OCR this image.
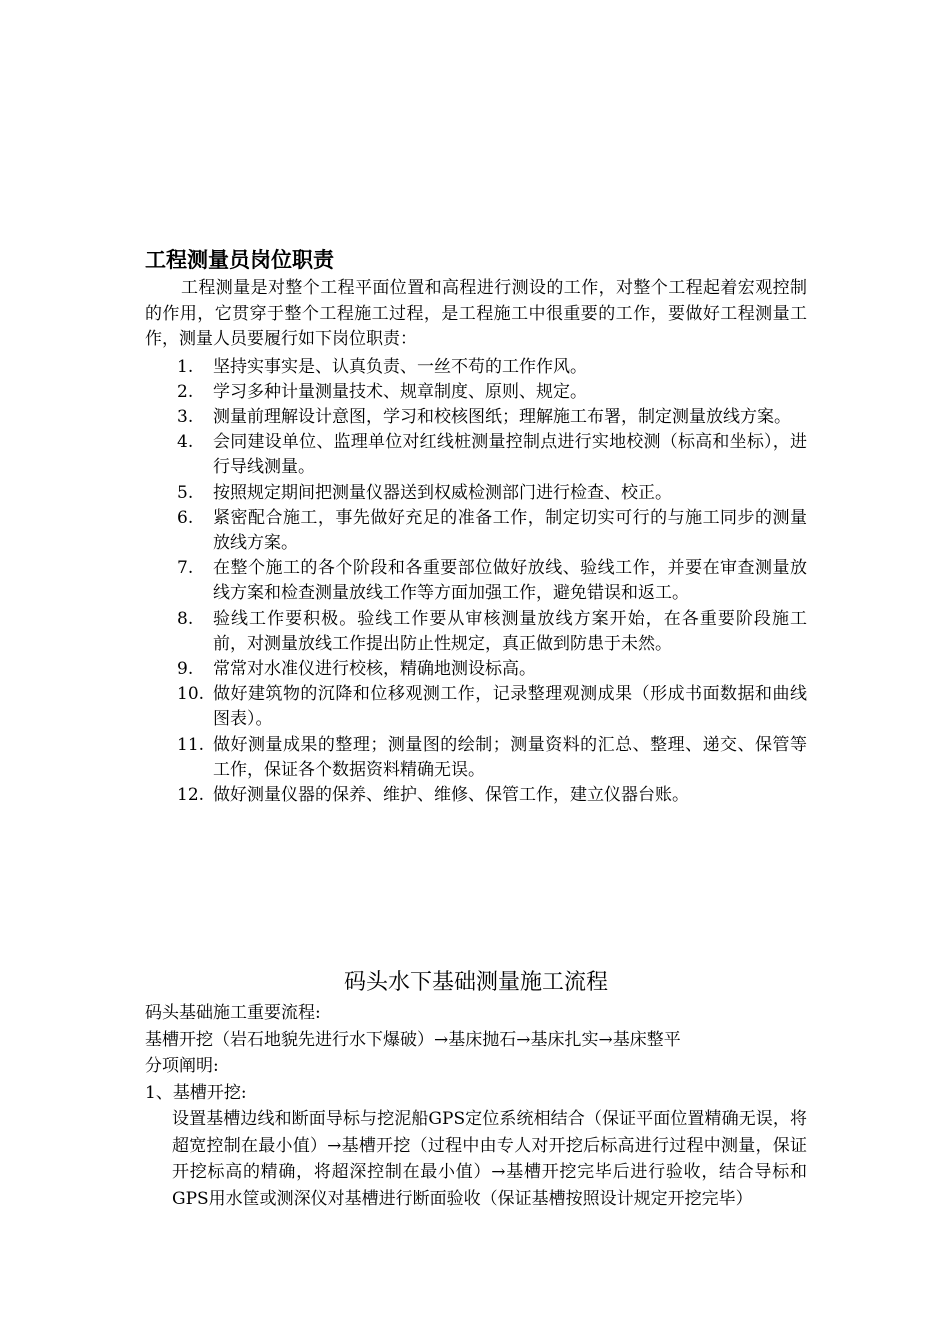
工程测量员岗位职责

工程测量是对整个工程平面位置和高程进行测设的工作，对整个工程起着宏观控制的作用，它贯穿于整个工程施工过程，是工程施工中很重要的工作，要做好工程测量工作，测量人员要履行如下岗位职责：

1.	坚持实事实是、认真负责、一丝不苟的工作作风。
2.	学习多种计量测量技术、规章制度、原则、规定。
3.	测量前理解设计意图，学习和校核图纸；理解施工布署，制定测量放线方案。
4.	会同建设单位、监理单位对红线桩测量控制点进行实地校测（标高和坐标），进行导线测量。
5.	按照规定期间把测量仪器送到权威检测部门进行检查、校正。
6.	紧密配合施工，事先做好充足的准备工作，制定切实可行的与施工同步的测量放线方案。
7.	在整个施工的各个阶段和各重要部位做好放线、验线工作，并要在审查测量放线方案和检查测量放线工作等方面加强工作，避免错误和返工。
8.	验线工作要积极。验线工作要从审核测量放线方案开始，在各重要阶段施工前，对测量放线工作提出防止性规定，真正做到防患于未然。
9.	常常对水准仪进行校核，精确地测设标高。
10. 做好建筑物的沉降和位移观测工作，记录整理观测成果（形成书面数据和曲线图表）。
11. 做好测量成果的整理；测量图的绘制；测量资料的汇总、整理、递交、保管等工作，保证各个数据资料精确无误。
12. 做好测量仪器的保养、维护、维修、保管工作，建立仪器台账。
码头水下基础测量施工流程

码头基础施工重要流程:

基槽开挖（岩石地貌先进行水下爆破）→基床抛石→基床扎实→基床整平

分项阐明:

1、基槽开挖:

设置基槽边线和断面导标与挖泥船GPS定位系统相结合（保证平面位置精确无误，将超宽控制在最小值）→基槽开挖（过程中由专人对开挖后标高进行过程中测量，保证开挖标高的精确，将超深控制在最小值）→基槽开挖完毕后进行验收，结合导标和GPS用水筐或测深仪对基槽进行断面验收（保证基槽按照设计规定开挖完毕）
